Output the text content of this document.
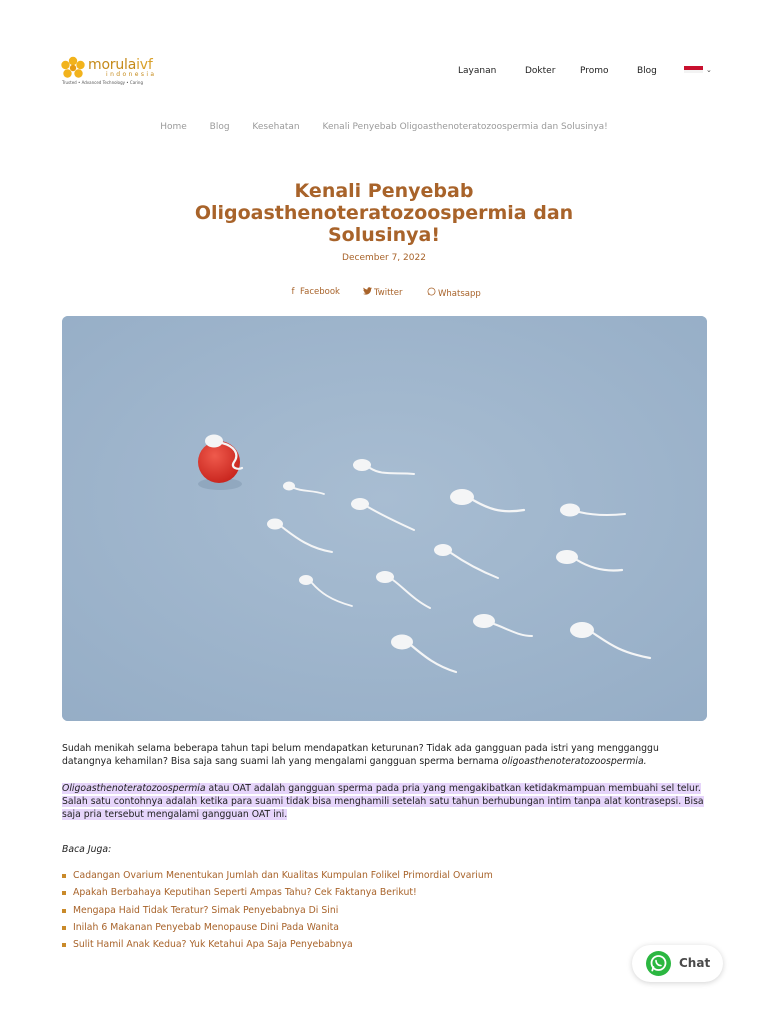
morulaivf
indonesia
Trusted • Advanced Technology • Caring
Layanan	Dokter	Promo	Blog	⌄
Home	Blog	Kesehatan	Kenali Penyebab Oligoasthenoteratozoospermia dan Solusinya!
Kenali Penyebab Oligoasthenoteratozoospermia dan Solusinya!
December 7, 2022
f Facebook	Twitter	Whatsapp

Sudah menikah selama beberapa tahun tapi belum mendapatkan keturunan? Tidak ada gangguan pada istri yang mengganggu datangnya kehamilan? Bisa saja sang suami lah yang mengalami gangguan sperma bernama oligoasthenoteratozoospermia.

Oligoasthenoteratozoospermia atau OAT adalah gangguan sperma pada pria yang mengakibatkan ketidakmampuan membuahi sel telur. Salah satu contohnya adalah ketika para suami tidak bisa menghamili setelah satu tahun berhubungan intim tanpa alat kontrasepsi. Bisa saja pria tersebut mengalami gangguan OAT ini.

Baca Juga:
Cadangan Ovarium Menentukan Jumlah dan Kualitas Kumpulan Folikel Primordial Ovarium
Apakah Berbahaya Keputihan Seperti Ampas Tahu? Cek Faktanya Berikut!
Mengapa Haid Tidak Teratur? Simak Penyebabnya Di Sini
Inilah 6 Makanan Penyebab Menopause Dini Pada Wanita
Sulit Hamil Anak Kedua? Yuk Ketahui Apa Saja Penyebabnya
Chat
